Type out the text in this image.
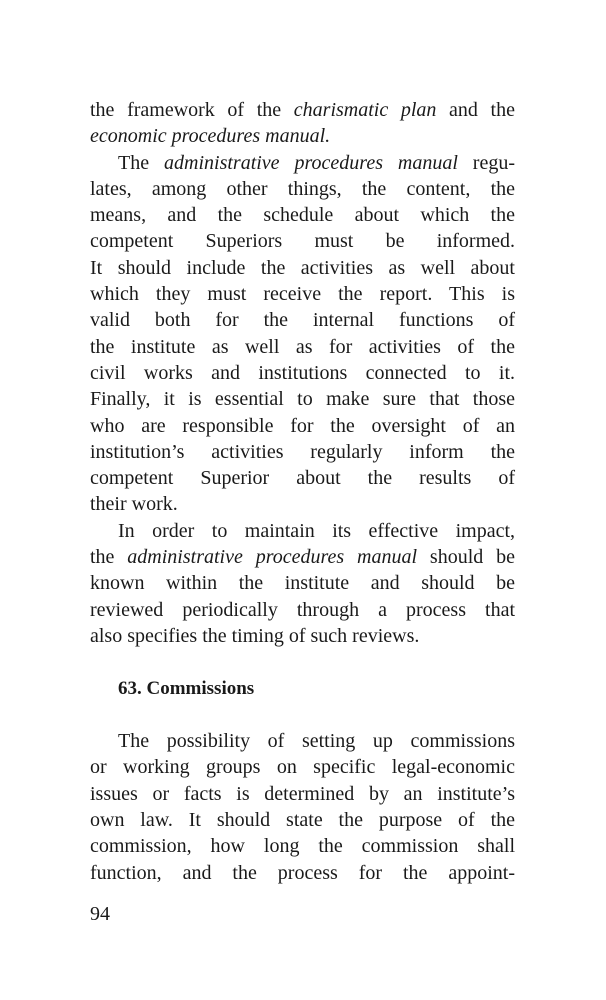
the framework of the charismatic plan and the
economic procedures manual.
The administrative procedures manual regu-
lates, among other things, the content, the
means, and the schedule about which the
competent Superiors must be informed.
It should include the activities as well about
which they must receive the report. This is
valid both for the internal functions of
the institute as well as for activities of the
civil works and institutions connected to it.
Finally, it is essential to make sure that those
who are responsible for the oversight of an
institution’s activities regularly inform the
competent Superior about the results of
their work.
In order to maintain its effective impact,
the administrative procedures manual should be
known within the institute and should be
reviewed periodically through a process that
also specifies the timing of such reviews.
63. Commissions
The possibility of setting up commissions
or working groups on specific legal-economic
issues or facts is determined by an institute’s
own law. It should state the purpose of the
commission, how long the commission shall
function, and the process for the appoint-
94
